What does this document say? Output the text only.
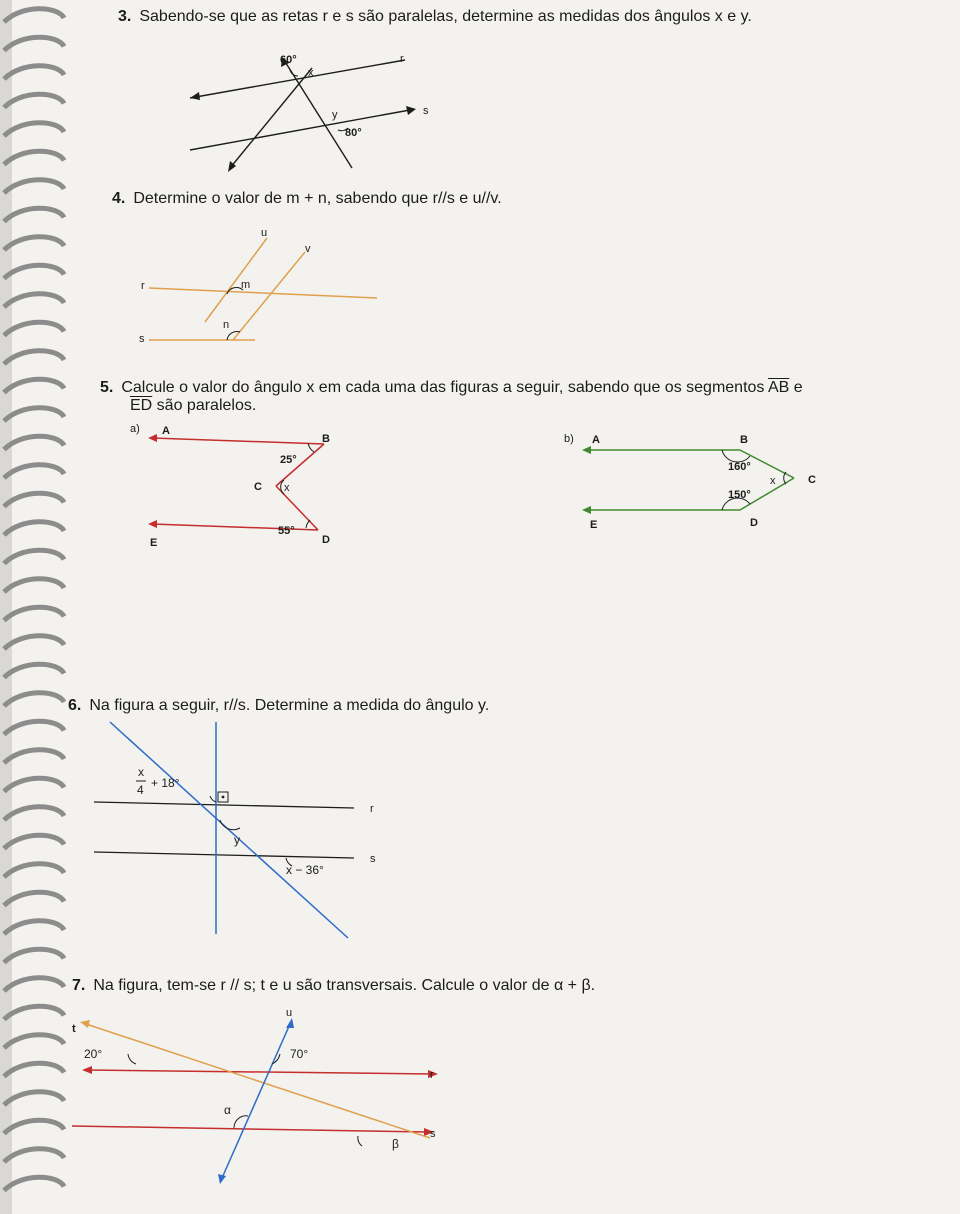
3. Sabendo-se que as retas r e s são paralelas, determine as medidas dos ângulos x e y.
60°
x
r
y	s
80°
4. Determine o valor de m + n, sabendo que r//s e u//v.
u
v
r	m
n
s
5. Calcule o valor do ângulo x em cada uma das figuras a seguir, sabendo que os segmentos $\overline{AB}$ e
$\overline{ED}$ são paralelos.
a) A
B
25°
C x
55°
E	D
b) A	B
160°
x	C
150°
E	D
6. Na figura a seguir, r//s. Determine a medida do ângulo y.
x
4 + 18°
r
y
x − 36°
s
7. Na figura, tem-se r // s; t e u são transversais. Calcule o valor de α + β.
u
t
20°	70°
r
α
s
β
